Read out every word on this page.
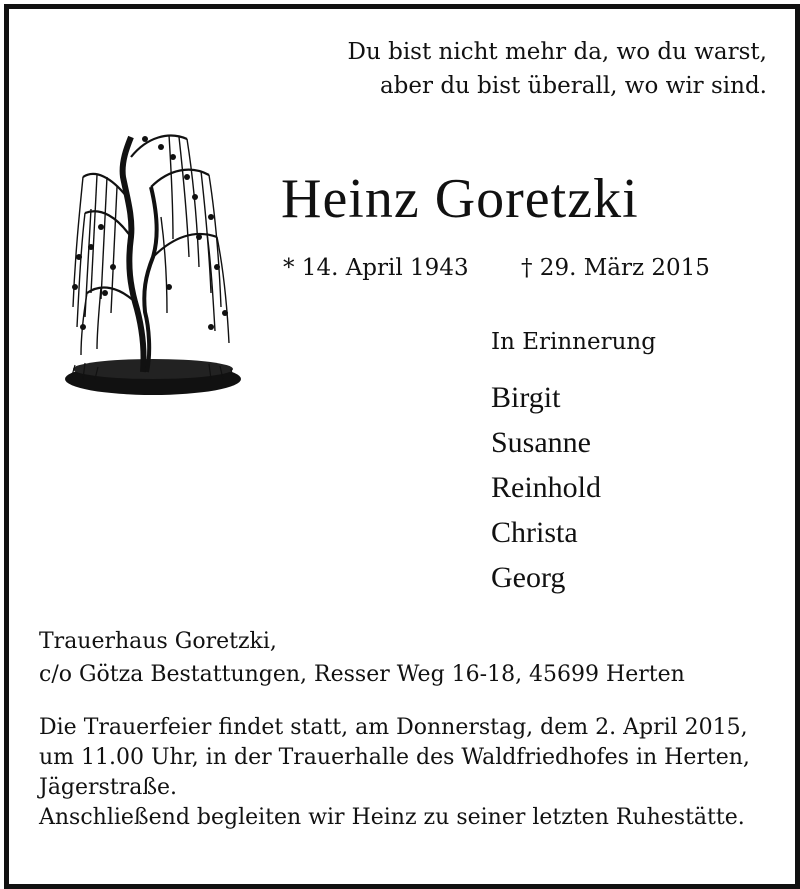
Du bist nicht mehr da, wo du warst,
aber du bist überall, wo wir sind.
Heinz Goretzki
* 14. April 1943 † 29. März 2015
In Erinnerung
Birgit
Susanne
Reinhold
Christa
Georg
Trauerhaus Goretzki,
c/o Götza Bestattungen, Resser Weg 16-18, 45699 Herten
Die Trauerfeier findet statt, am Donnerstag, dem 2. April 2015,
um 11.00 Uhr, in der Trauerhalle des Waldfriedhofes in Herten,
Jägerstraße.
Anschließend begleiten wir Heinz zu seiner letzten Ruhestätte.
